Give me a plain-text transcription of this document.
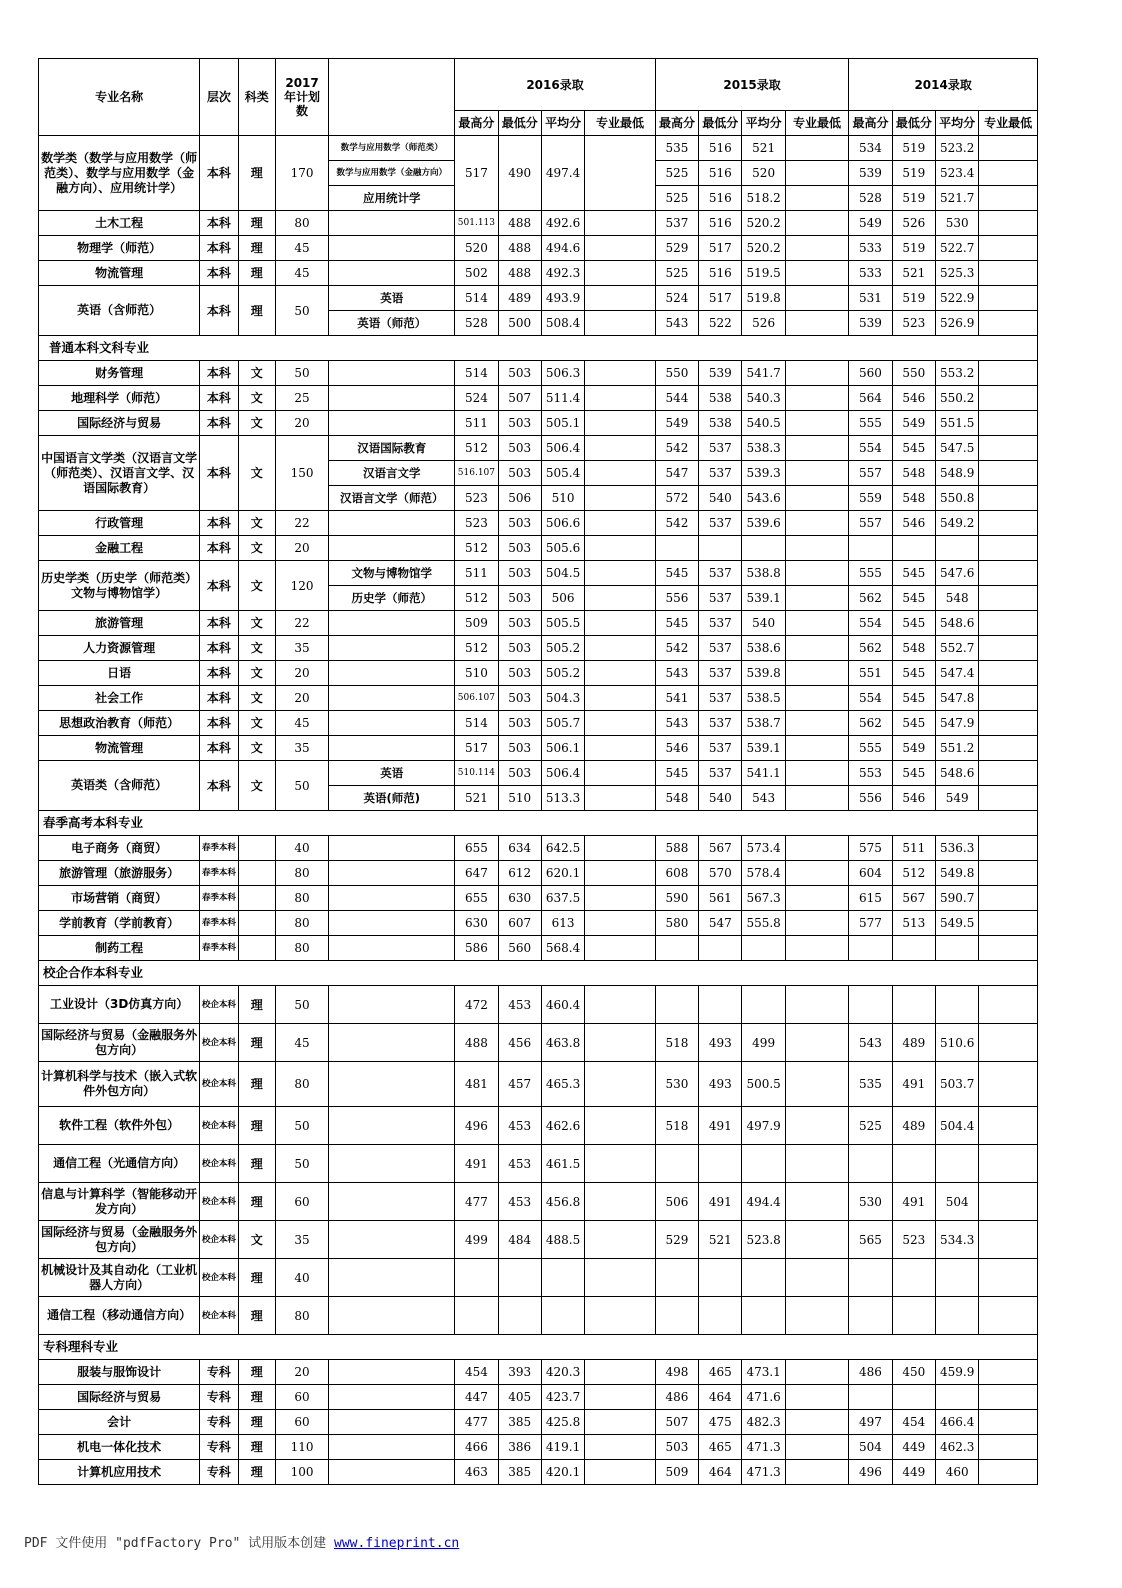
专业名称	层次	科类	2017年计划数		2016录取				2015录取				2014录取			
					最高分	最低分	平均分	专业最低	最高分	最低分	平均分	专业最低	最高分	最低分	平均分	专业最低
数学类（数学与应用数学（师范类）、数学与应用数学（金融方向）、应用统计学）	本科	理	170	数学与应用数学（师范类）	517	490	497.4		535	516	521		534	519	523.2	
				数学与应用数学（金融方向）					525	516	520		539	519	523.4	
				应用统计学					525	516	518.2		528	519	521.7	
土木工程	本科	理	80		501.113	488	492.6		537	516	520.2		549	526	530	
物理学（师范）	本科	理	45		520	488	494.6		529	517	520.2		533	519	522.7	
物流管理	本科	理	45		502	488	492.3		525	516	519.5		533	521	525.3	
英语（含师范）	本科	理	50	英语	514	489	493.9		524	517	519.8		531	519	522.9	
				英语（师范）	528	500	508.4		543	522	526		539	523	526.9	
普通本科文科专业																
财务管理	本科	文	50		514	503	506.3		550	539	541.7		560	550	553.2	
地理科学（师范）	本科	文	25		524	507	511.4		544	538	540.3		564	546	550.2	
国际经济与贸易	本科	文	20		511	503	505.1		549	538	540.5		555	549	551.5	
中国语言文学类（汉语言文学（师范类）、汉语言文学、汉语国际教育）	本科	文	150	汉语国际教育	512	503	506.4		542	537	538.3		554	545	547.5	
				汉语言文学	516.107	503	505.4		547	537	539.3		557	548	548.9	
				汉语言文学（师范）	523	506	510		572	540	543.6		559	548	550.8	
行政管理	本科	文	22		523	503	506.6		542	537	539.6		557	546	549.2	
金融工程	本科	文	20		512	503	505.6									
历史学类（历史学（师范类）文物与博物馆学）	本科	文	120	文物与博物馆学	511	503	504.5		545	537	538.8		555	545	547.6	
				历史学（师范）	512	503	506		556	537	539.1		562	545	548	
旅游管理	本科	文	22		509	503	505.5		545	537	540		554	545	548.6	
人力资源管理	本科	文	35		512	503	505.2		542	537	538.6		562	548	552.7	
日语	本科	文	20		510	503	505.2		543	537	539.8		551	545	547.4	
社会工作	本科	文	20		506.107	503	504.3		541	537	538.5		554	545	547.8	
思想政治教育（师范）	本科	文	45		514	503	505.7		543	537	538.7		562	545	547.9	
物流管理	本科	文	35		517	503	506.1		546	537	539.1		555	549	551.2	
英语类（含师范）	本科	文	50	英语	510.114	503	506.4		545	537	541.1		553	545	548.6	
				英语(师范)	521	510	513.3		548	540	543		556	546	549	
春季高考本科专业																
电子商务（商贸）	春季本科		40		655	634	642.5		588	567	573.4		575	511	536.3	
旅游管理（旅游服务）	春季本科		80		647	612	620.1		608	570	578.4		604	512	549.8	
市场营销（商贸）	春季本科		80		655	630	637.5		590	561	567.3		615	567	590.7	
学前教育（学前教育）	春季本科		80		630	607	613		580	547	555.8		577	513	549.5	
制药工程	春季本科		80		586	560	568.4									
校企合作本科专业																
工业设计（3D仿真方向）	校企本科	理	50		472	453	460.4									
国际经济与贸易（金融服务外包方向）	校企本科	理	45		488	456	463.8		518	493	499		543	489	510.6	
计算机科学与技术（嵌入式软件外包方向）	校企本科	理	80		481	457	465.3		530	493	500.5		535	491	503.7	
软件工程（软件外包）	校企本科	理	50		496	453	462.6		518	491	497.9		525	489	504.4	
通信工程（光通信方向）	校企本科	理	50		491	453	461.5									
信息与计算科学（智能移动开发方向）	校企本科	理	60		477	453	456.8		506	491	494.4		530	491	504	
国际经济与贸易（金融服务外包方向）	校企本科	文	35		499	484	488.5		529	521	523.8		565	523	534.3	
机械设计及其自动化（工业机器人方向）	校企本科	理	40													
通信工程（移动通信方向）	校企本科	理	80													
专科理科专业																
服装与服饰设计	专科	理	20		454	393	420.3		498	465	473.1		486	450	459.9	
国际经济与贸易	专科	理	60		447	405	423.7		486	464	471.6					
会计	专科	理	60		477	385	425.8		507	475	482.3		497	454	466.4	
机电一体化技术	专科	理	110		466	386	419.1		503	465	471.3		504	449	462.3	
计算机应用技术	专科	理	100		463	385	420.1		509	464	471.3		496	449	460	
PDF 文件使用 "pdfFactory Pro" 试用版本创建 www.fineprint.cn
